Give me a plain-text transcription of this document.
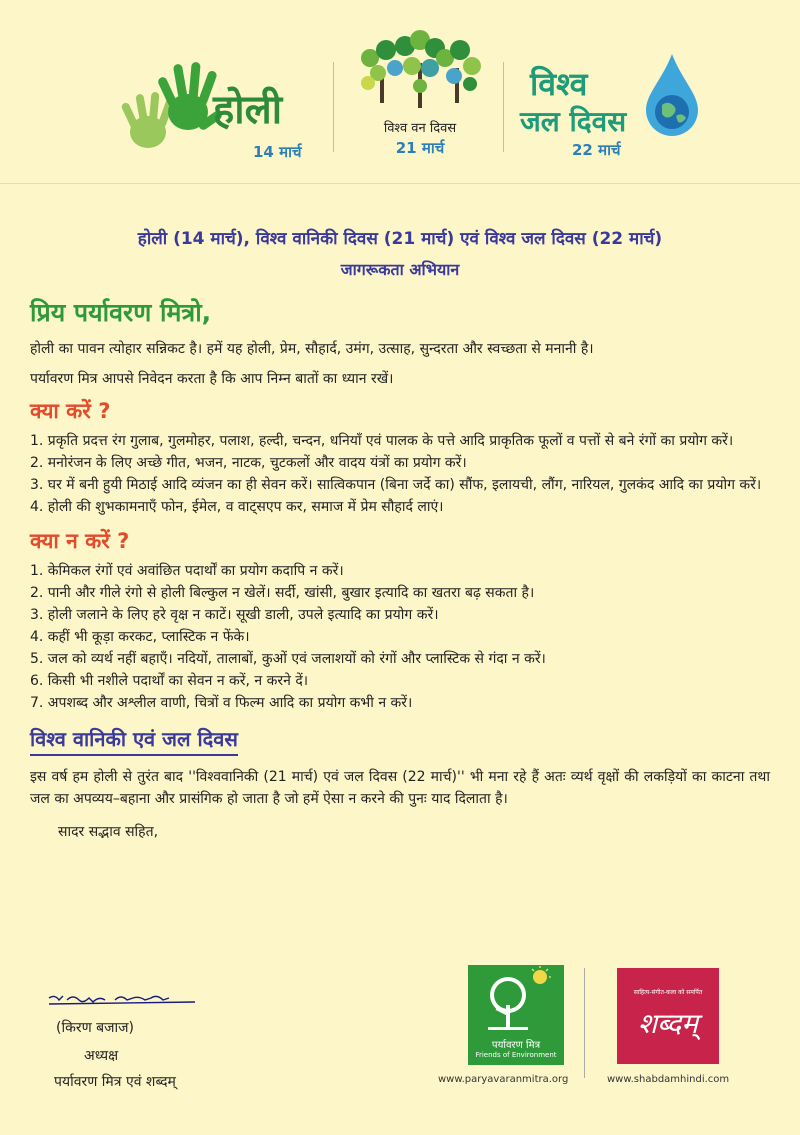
होली
14 मार्च
विश्व वन दिवस
21 मार्च
विश्व
जल दिवस
22 मार्च
होली (14 मार्च), विश्व वानिकी दिवस (21 मार्च) एवं विश्व जल दिवस (22 मार्च)
जागरूकता अभियान
प्रिय पर्यावरण मित्रो,

होली का पावन त्योहार सन्निकट है। हमें यह होली, प्रेम, सौहार्द, उमंग, उत्साह, सुन्दरता और स्वच्छता से मनानी है।

पर्यावरण मित्र आपसे निवेदन करता है कि आप निम्न बातों का ध्यान रखें।

क्या करें ?
1. प्रकृति प्रदत्त रंग गुलाब, गुलमोहर, पलाश, हल्दी, चन्दन, धनियाँ एवं पालक के पत्ते आदि प्राकृतिक फूलों व पत्तों से बने रंगों का प्रयोग करें।
2. मनोरंजन के लिए अच्छे गीत, भजन, नाटक, चुटकलों और वादय यंत्रों का प्रयोग करें।
3. घर में बनी हुयी मिठाई आदि व्यंजन का ही सेवन करें। सात्विकपान (बिना जर्दे का) सौंफ, इलायची, लौंग, नारियल, गुलकंद आदि का प्रयोग करें।
4. होली की शुभकामनाएँ फोन, ईमेल, व वाट्सएप कर, समाज में प्रेम सौहार्द लाएं।
क्या न करें ?
1. केमिकल रंगों एवं अवांछित पदार्थों का प्रयोग कदापि न करें।
2. पानी और गीले रंगो से होली बिल्कुल न खेलें। सर्दी, खांसी, बुखार इत्यादि का खतरा बढ़ सकता है।
3. होली जलाने के लिए हरे वृक्ष न काटें। सूखी डाली, उपले इत्यादि का प्रयोग करें।
4. कहीं भी कूड़ा करकट, प्लास्टिक न फेंके।
5. जल को व्यर्थ नहीं बहाएँ। नदियों, तालाबों, कुओं एवं जलाशयों को रंगों और प्लास्टिक से गंदा न करें।
6. किसी भी नशीले पदार्थों का सेवन न करें, न करने दें।
7. अपशब्द और अश्लील वाणी, चित्रों व फिल्म आदि का प्रयोग कभी न करें।
विश्व वानिकी एवं जल दिवस

इस वर्ष हम होली से तुरंत बाद ''विश्ववानिकी (21 मार्च) एवं जल दिवस (22 मार्च)'' भी मना रहे हैं अतः व्यर्थ वृक्षों की लकड़ियों का काटना तथा जल का अपव्यय–बहाना और प्रासंगिक हो जाता है जो हमें ऐसा न करने की पुनः याद दिलाता है।

सादर सद्भाव सहित,
(किरण बजाज)
अध्यक्ष
पर्यावरण मित्र एवं शब्दम्
पर्यावरण मित्र
Friends of Environment
www.paryavaranmitra.org
साहित्य-संगीत-कला को समर्पित
शब्दम्
www.shabdamhindi.com
